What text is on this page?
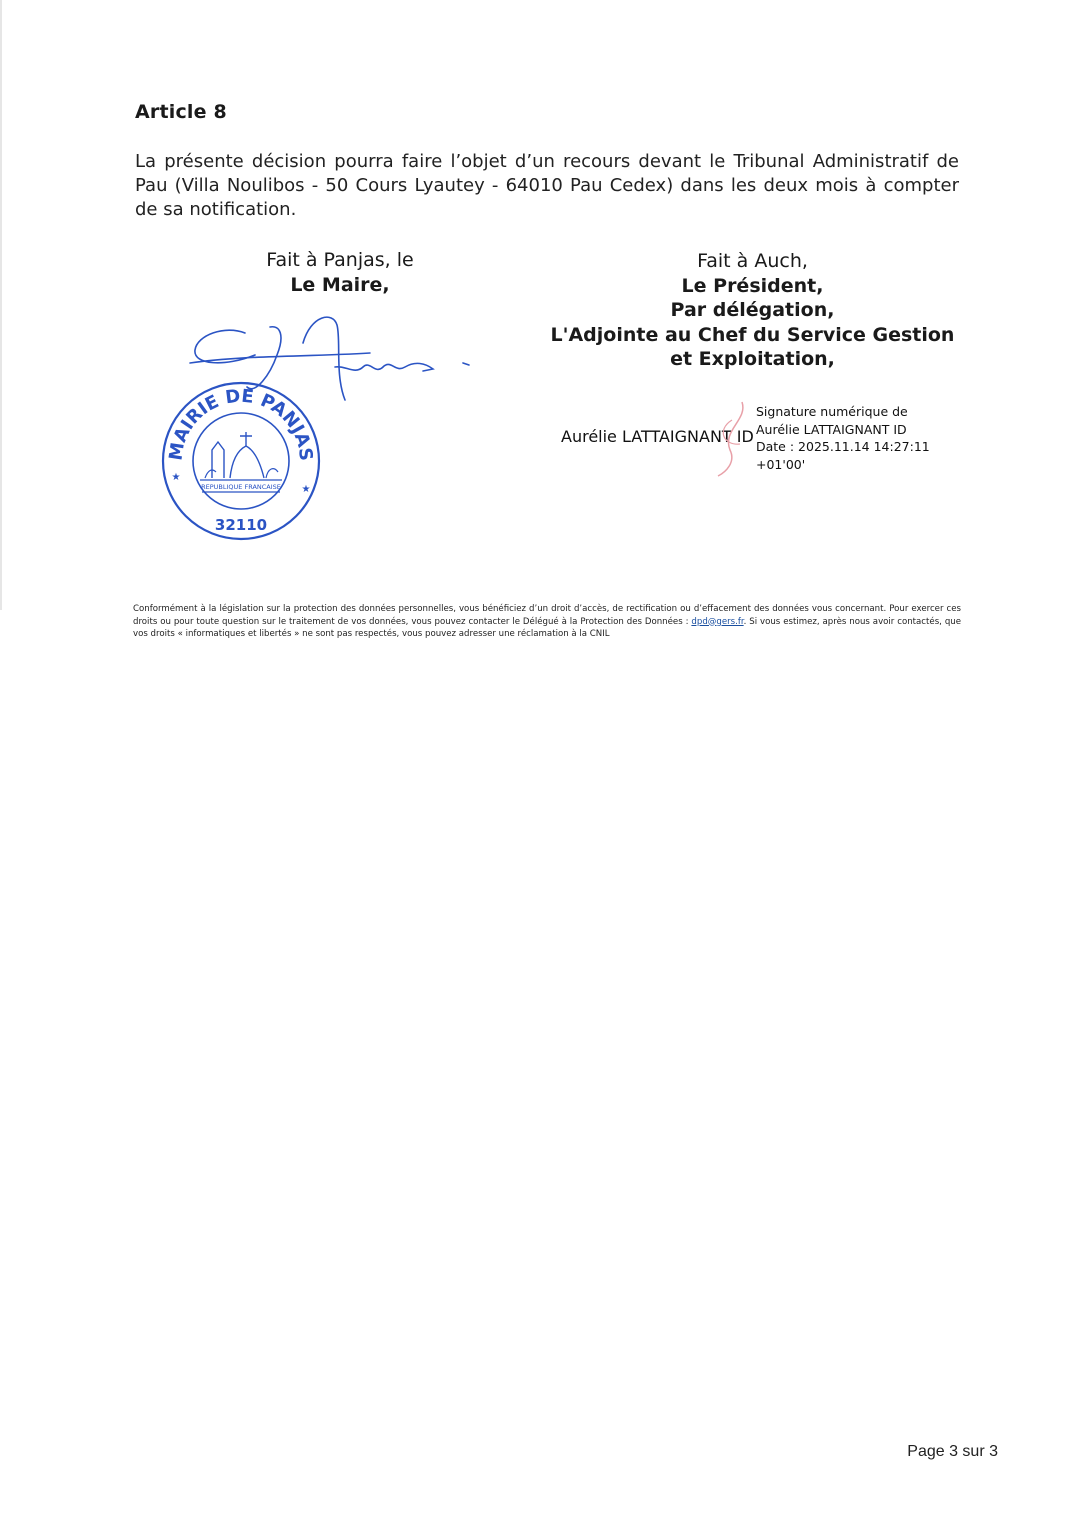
Article 8
La présente décision pourra faire l’objet d’un recours devant le Tribunal Administratif de Pau (Villa Noulibos - 50 Cours Lyautey - 64010 Pau Cedex) dans les deux mois à compter de sa notification.
Fait à Panjas, le
Le Maire,
MAIRIE DE PANJAS
REPUBLIQUE FRANCAISE
32110
★
★
Fait à Auch,
Le Président,
Par délégation,
L'Adjointe au Chef du Service Gestion
et Exploitation,
Aurélie LATTAIGNANT ID
Signature numérique de
Aurélie LATTAIGNANT ID
Date : 2025.11.14 14:27:11
+01'00'
Conformément à la législation sur la protection des données personnelles, vous bénéficiez d’un droit d’accès, de rectification ou d’effacement des données vous concernant. Pour exercer ces droits ou pour toute question sur le traitement de vos données, vous pouvez contacter le Délégué à la Protection des Données : dpd@gers.fr. Si vous estimez, après nous avoir contactés, que vos droits « informatiques et libertés » ne sont pas respectés, vous pouvez adresser une réclamation à la CNIL
Page 3 sur 3
